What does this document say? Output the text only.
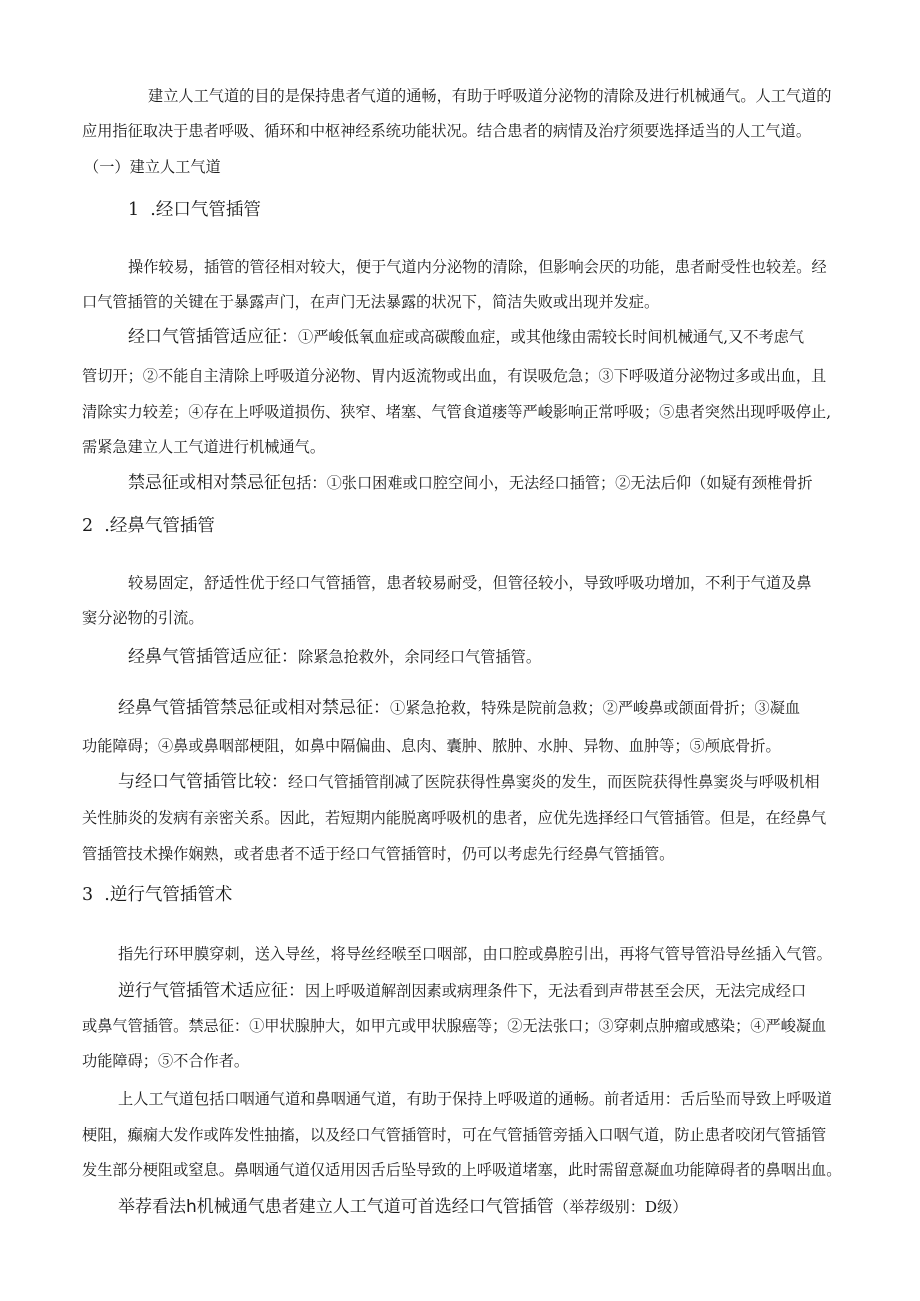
建立人工气道的目的是保持患者气道的通畅，有助于呼吸道分泌物的清除及进行机械通气。人工气道的
应用指征取决于患者呼吸、循环和中枢神经系统功能状况。结合患者的病情及治疗须要选择适当的人工气道。
（一）建立人工气道
1 .经口气管插管
操作较易，插管的管径相对较大，便于气道内分泌物的清除，但影响会厌的功能，患者耐受性也较差。经
口气管插管的关键在于暴露声门，在声门无法暴露的状况下，简洁失败或出现并发症。
经口气管插管适应征：①严峻低氧血症或高碳酸血症，或其他缘由需较长时间机械通气,又不考虑气
管切开；②不能自主清除上呼吸道分泌物、胃内返流物或出血，有误吸危急；③下呼吸道分泌物过多或出血，且
清除实力较差；④存在上呼吸道损伤、狭窄、堵塞、气管食道瘘等严峻影响正常呼吸；⑤患者突然出现呼吸停止,
需紧急建立人工气道进行机械通气。
禁忌征或相对禁忌征包括：①张口困难或口腔空间小，无法经口插管；②无法后仰（如疑有颈椎骨折
2 .经鼻气管插管
较易固定，舒适性优于经口气管插管，患者较易耐受，但管径较小，导致呼吸功增加，不利于气道及鼻
窦分泌物的引流。
经鼻气管插管适应征：除紧急抢救外，余同经口气管插管。
经鼻气管插管禁忌征或相对禁忌征：①紧急抢救，特殊是院前急救；②严峻鼻或颌面骨折；③凝血
功能障碍；④鼻或鼻咽部梗阻，如鼻中隔偏曲、息肉、囊肿、脓肿、水肿、异物、血肿等；⑤颅底骨折。
与经口气管插管比较：经口气管插管削减了医院获得性鼻窦炎的发生，而医院获得性鼻窦炎与呼吸机相
关性肺炎的发病有亲密关系。因此，若短期内能脱离呼吸机的患者，应优先选择经口气管插管。但是，在经鼻气
管插管技术操作娴熟，或者患者不适于经口气管插管时，仍可以考虑先行经鼻气管插管。
3 .逆行气管插管术
指先行环甲膜穿刺，送入导丝，将导丝经喉至口咽部，由口腔或鼻腔引出，再将气管导管沿导丝插入气管。
逆行气管插管术适应征：因上呼吸道解剖因素或病理条件下，无法看到声带甚至会厌，无法完成经口
或鼻气管插管。禁忌征：①甲状腺肿大，如甲亢或甲状腺癌等；②无法张口；③穿刺点肿瘤或感染；④严峻凝血
功能障碍；⑤不合作者。
上人工气道包括口咽通气道和鼻咽通气道，有助于保持上呼吸道的通畅。前者适用：舌后坠而导致上呼吸道
梗阻，癫痫大发作或阵发性抽搐，以及经口气管插管时，可在气管插管旁插入口咽气道，防止患者咬闭气管插管
发生部分梗阻或窒息。鼻咽通气道仅适用因舌后坠导致的上呼吸道堵塞，此时需留意凝血功能障碍者的鼻咽出血。
举荐看法h机械通气患者建立人工气道可首选经口气管插管（举荐级别：D级）
